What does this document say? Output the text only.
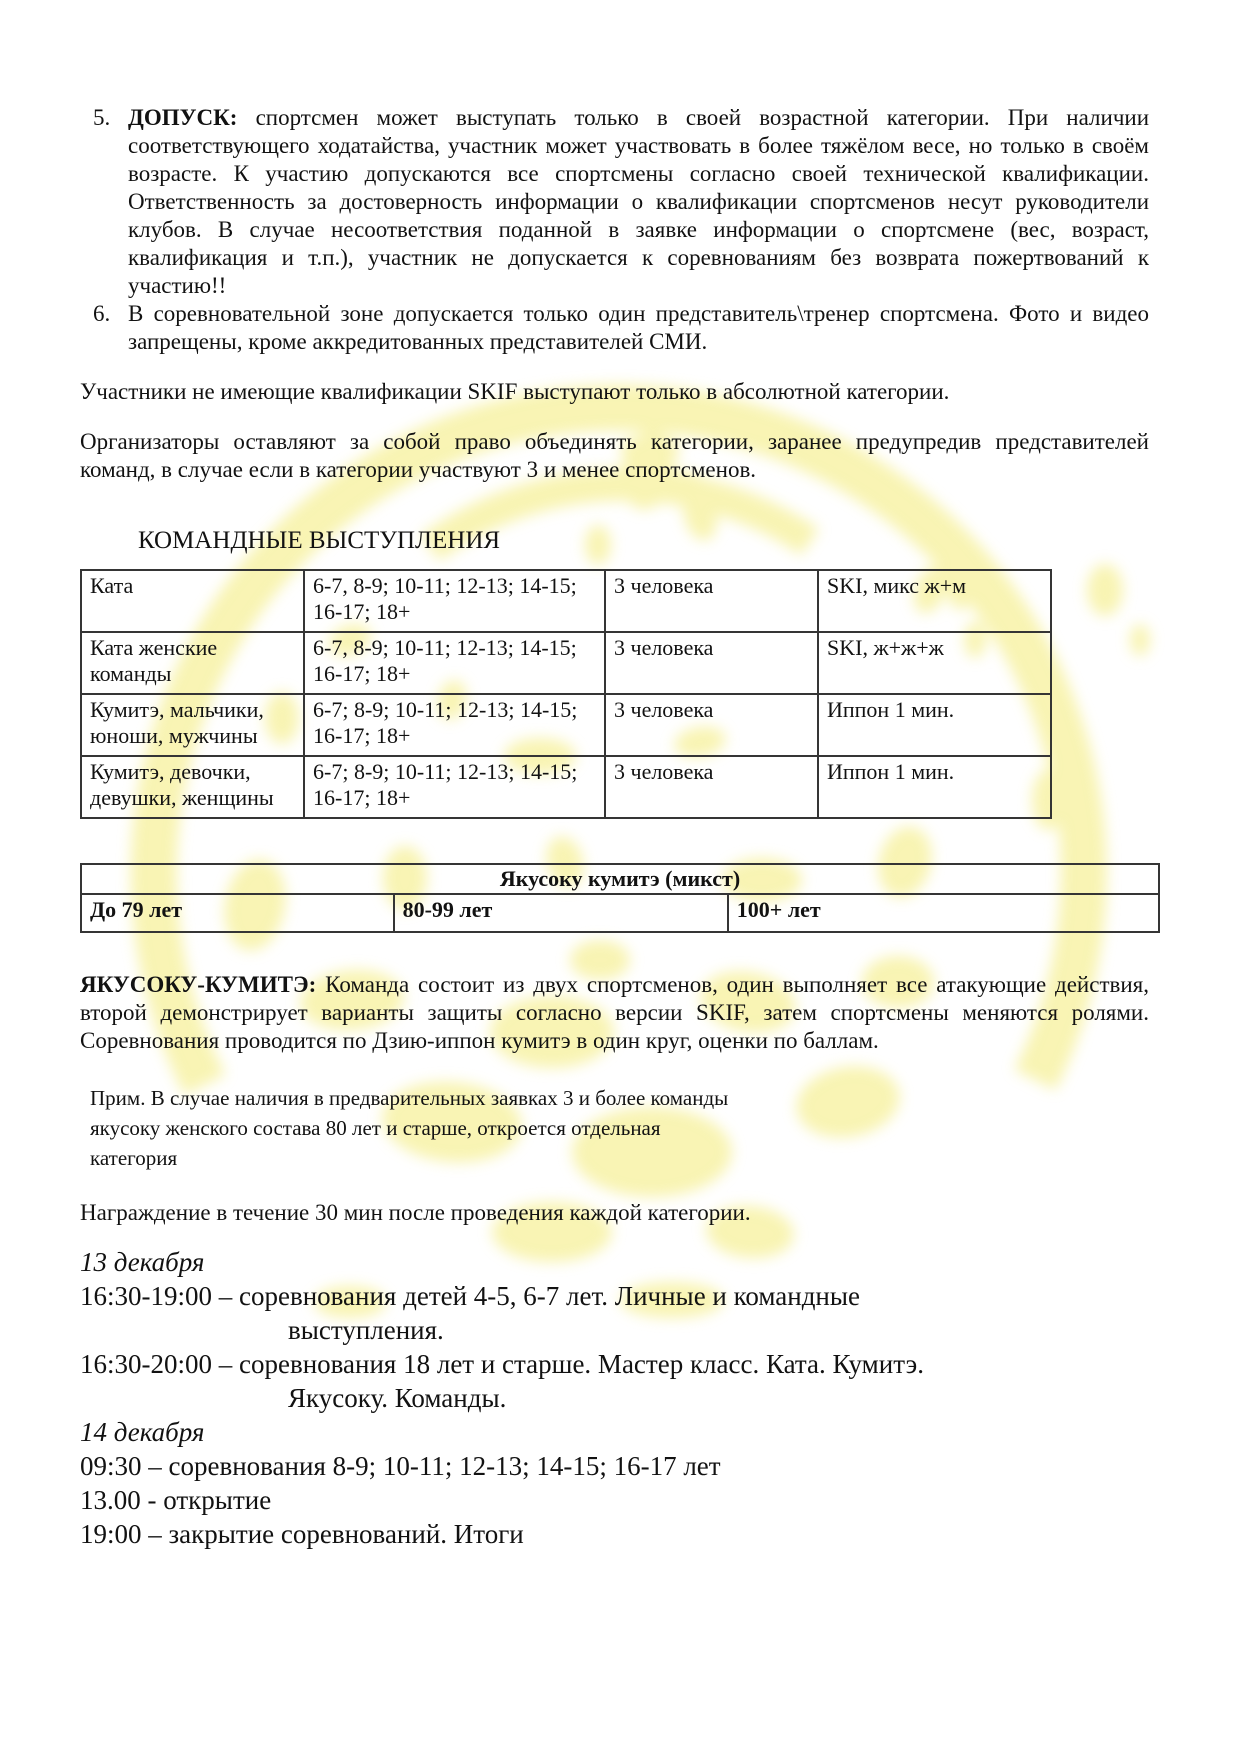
5. ДОПУСК: спортсмен может выступать только в своей возрастной категории. При наличии соответствующего ходатайства, участник может участвовать в более тяжёлом весе, но только в своём возрасте. К участию допускаются все спортсмены согласно своей технической квалификации. Ответственность за достоверность информации о квалификации спортсменов несут руководители клубов. В случае несоответствия поданной в заявке информации о спортсмене (вес, возраст, квалификация и т.п.), участник не допускается к соревнованиям без возврата пожертвований к участию!!
6. В соревновательной зоне допускается только один представитель\тренер спортсмена. Фото и видео запрещены, кроме аккредитованных представителей СМИ.
Участники не имеющие квалификации SKIF выступают только в абсолютной категории.
Организаторы оставляют за собой право объединять категории, заранее предупредив представителей команд, в случае если в категории участвуют 3 и менее спортсменов.
КОМАНДНЫЕ ВЫСТУПЛЕНИЯ
Ката	6-7, 8-9; 10-11; 12-13; 14-15; 16-17; 18+	3 человека	SKI, микс ж+м
Ката женские команды	6-7, 8-9; 10-11; 12-13; 14-15; 16-17; 18+	3 человека	SKI, ж+ж+ж
Кумитэ, мальчики, юноши, мужчины	6-7; 8-9; 10-11; 12-13; 14-15; 16-17; 18+	3 человека	Иппон 1 мин.
Кумитэ, девочки, девушки, женщины	6-7; 8-9; 10-11; 12-13; 14-15; 16-17; 18+	3 человека	Иппон 1 мин.
Якусоку кумитэ (микст)
До 79 лет	80-99 лет	100+ лет
ЯКУСОКУ-КУМИТЭ: Команда состоит из двух спортсменов, один выполняет все атакующие действия, второй демонстрирует варианты защиты согласно версии SKIF, затем спортсмены меняются ролями. Соревнования проводится по Дзию-иппон кумитэ в один круг, оценки по баллам.
Прим. В случае наличия в предварительных заявках 3 и более команды якусоку женского состава 80 лет и старше, откроется отдельная категория
Награждение в течение 30 мин после проведения каждой категории.
13 декабря
16:30-19:00 – соревнования детей 4-5, 6-7 лет. Личные и командные
выступления.
16:30-20:00 – соревнования 18 лет и старше. Мастер класс. Ката. Кумитэ.
Якусоку. Команды.
14 декабря
09:30 – соревнования 8-9; 10-11; 12-13; 14-15; 16-17 лет
13.00 - открытие
19:00 – закрытие соревнований. Итоги
